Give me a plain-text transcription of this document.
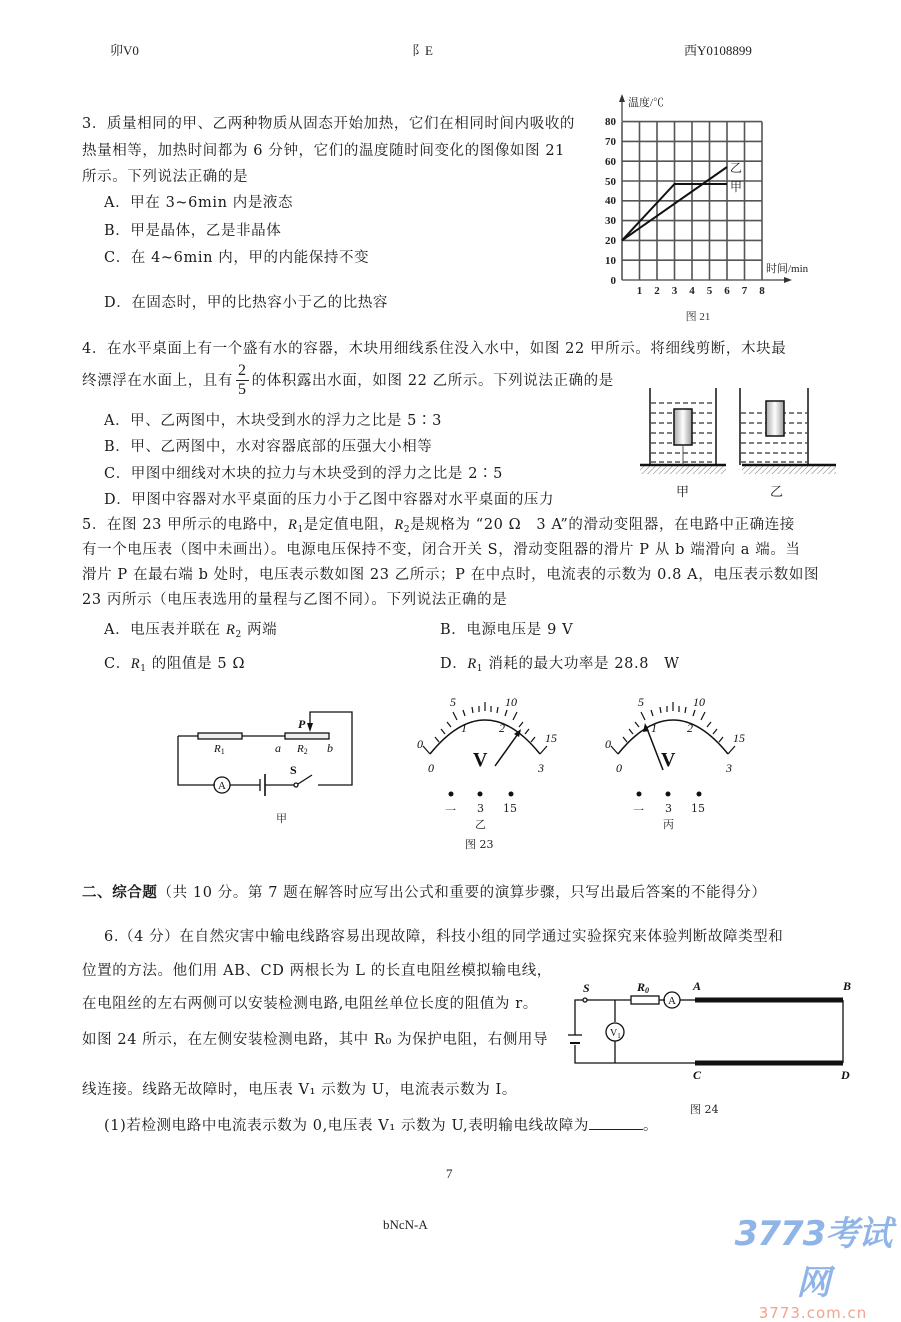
卯V0	阝E	西Y0108899
3．质量相同的甲、乙两种物质从固态开始加热，它们在相同时间内吸收的
热量相等，加热时间都为 6 分钟，它们的温度随时间变化的图像如图 21
所示。下列说法正确的是
A．甲在 3~6min 内是液态
B．甲是晶体，乙是非晶体
C．在 4~6min 内，甲的内能保持不变
D．在固态时，甲的比热容小于乙的比热容
80
70
60
50
40
30
20
10
0
1 2 3 4 5 6 7 8
温度/℃
时间/min
乙
甲
图 21
4．在水平桌面上有一个盛有水的容器，木块用细线系住没入水中，如图 22 甲所示。将细线剪断，木块最
终漂浮在水面上，且有 $\frac{2}{5}$ 的体积露出水面，如图 22 乙所示。下列说法正确的是
A．甲、乙两图中，木块受到水的浮力之比是 5∶3
B．甲、乙两图中，水对容器底部的压强大小相等
C．甲图中细线对木块的拉力与木块受到的浮力之比是 2∶5
D．甲图中容器对水平桌面的压力小于乙图中容器对水平桌面的压力	甲	乙
5．在图 23 甲所示的电路中，$R_1$是定值电阻，$R_2$是规格为 “20 Ω　3 A”的滑动变阻器，在电路中正确连接
有一个电压表（图中未画出）。电源电压保持不变，闭合开关 S，滑动变阻器的滑片 P 从 b 端滑向 a 端。当
滑片 P 在最右端 b 处时，电压表示数如图 23 乙所示；P 在中点时，电流表的示数为 0.8 A，电压表示数如图
23 丙所示（电压表选用的量程与乙图不同）。下列说法正确的是
A．电压表并联在 $R_2$ 两端	B．电源电压是 9 V
C．$R_1$ 的阻值是 5 Ω	D．$R_1$ 消耗的最大功率是 28.8　W
A
R1	a R2 b
P
S
甲
0
5	10
15
0
1	2
3
V
一 3 15
乙
图 23
0
5	10
15
0
1	2
3
V
一 3 15
丙
二、综合题（共 10 分。第 7 题在解答时应写出公式和重要的演算步骤，只写出最后答案的不能得分）
6.（4 分）在自然灾害中输电线路容易出现故障，科技小组的同学通过实验探究来体验判断故障类型和
位置的方法。他们用 AB、CD 两根长为 L 的长直电阻丝模拟输电线，
在电阻丝的左右两侧可以安装检测电路,电阻丝单位长度的阻值为 r。
如图 24 所示，在左侧安装检测电路，其中 R₀ 为保护电阻，右侧用导
线连接。线路无故障时，电压表 V₁ 示数为 U，电流表示数为 I。
(1)若检测电路中电流表示数为 0,电压表 V₁ 示数为 U,表明输电线故障为	。
A
$V_1$
S	R0	A	B
C	D
图 24
7
bNcN-A	3773考试网
3773.com.cn
